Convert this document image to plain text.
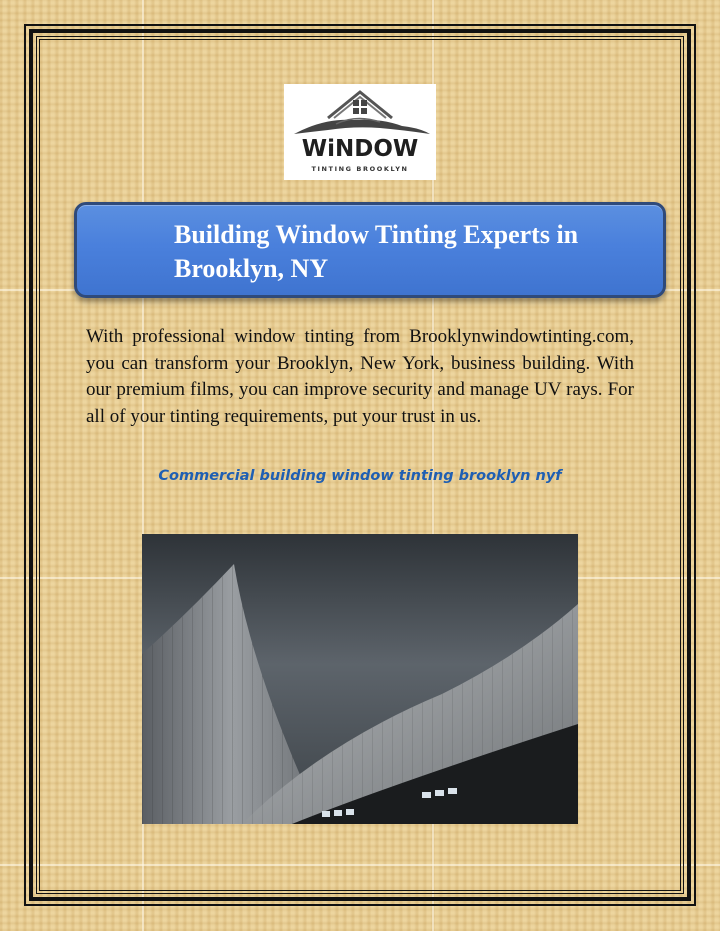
WiNDOW
TINTING BROOKLYN
Building Window Tinting Experts in Brooklyn, NY

With professional window tinting from Brooklynwindowtinting.com, you can transform your Brooklyn, New York, business building. With our premium films, you can improve security and manage UV rays. For all of your tinting requirements, put your trust in us.

Commercial building window tinting brooklyn nyf
